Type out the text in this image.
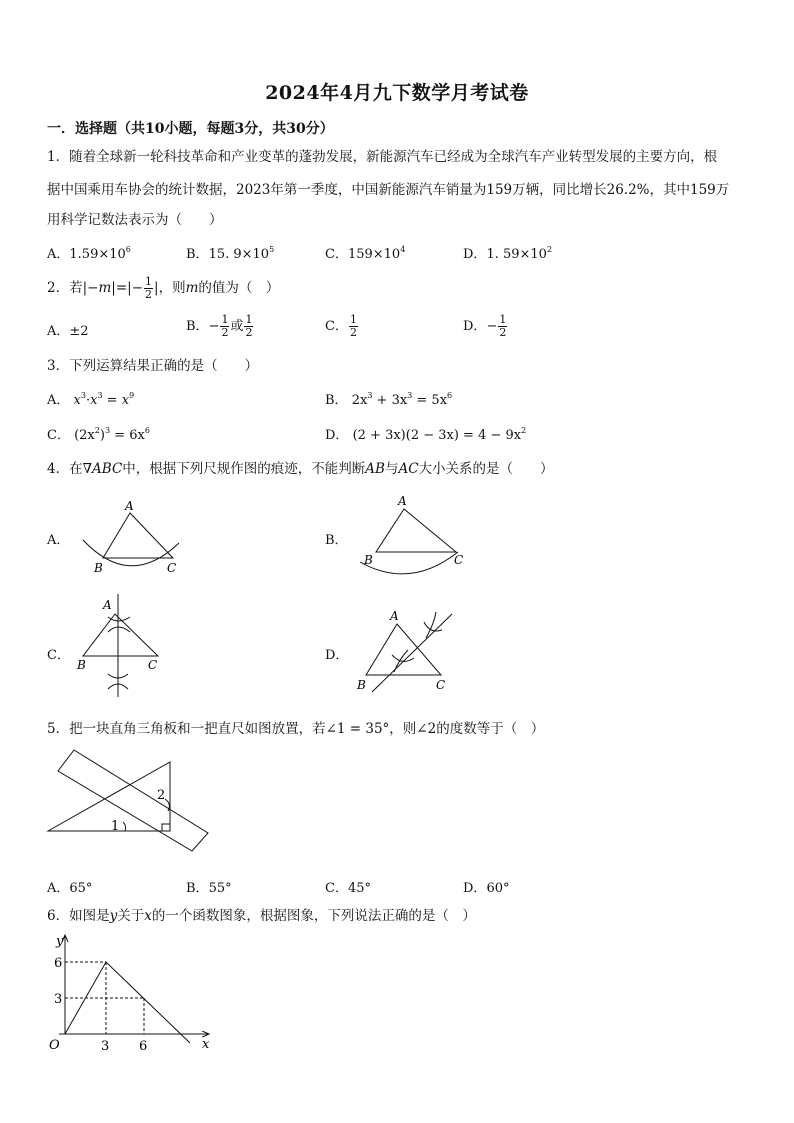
2024年4月九下数学月考试卷
一．选择题（共10小题，每题3分，共30分）
1．随着全球新一轮科技革命和产业变革的蓬勃发展，新能源汽车已经成为全球汽车产业转型发展的主要方向，根
据中国乘用车协会的统计数据，2023年第一季度，中国新能源汽车销量为159万辆，同比增长26.2%，其中159万
用科学记数法表示为（　　）
A．$1.59\times 10^6$	B．15. $9\times 10^5$	C．$159\times 10^4$	D．1. $59\times 10^2$
2．若$|-m|=|- \frac{1}{2}$ |，则m的值为（　）
A．±2	B．− $\frac{1}{2}$ 或 $\frac{1}{2}$	C． $\frac{1}{2}$	D．− $\frac{1}{2}$
3．下列运算结果正确的是（　　）
A． $x^3\cdot x^3 = x^9$	B． $2x^3 + 3x^3 = 5x^6$
C． $(2x^2)^3 = 6x^6$	D． $(2 + 3x)(2 - 3x) = 4 - 9x^2$
4．在∇ABC中，根据下列尺规作图的痕迹，不能判断AB与AC大小关系的是（　　）
A．	B．
C．	D．
A
B	C
A
B	C
A
B	C
A
B	C
5．把一块直角三角板和一把直尺如图放置，若∠1 = 35°，则∠2的度数等于（　）
2
1
A．65°	B．55°	C．45°	D．60°
6．如图是y关于x的一个函数图象，根据图象，下列说法正确的是（　）
y
x
O
6
3
3 6
